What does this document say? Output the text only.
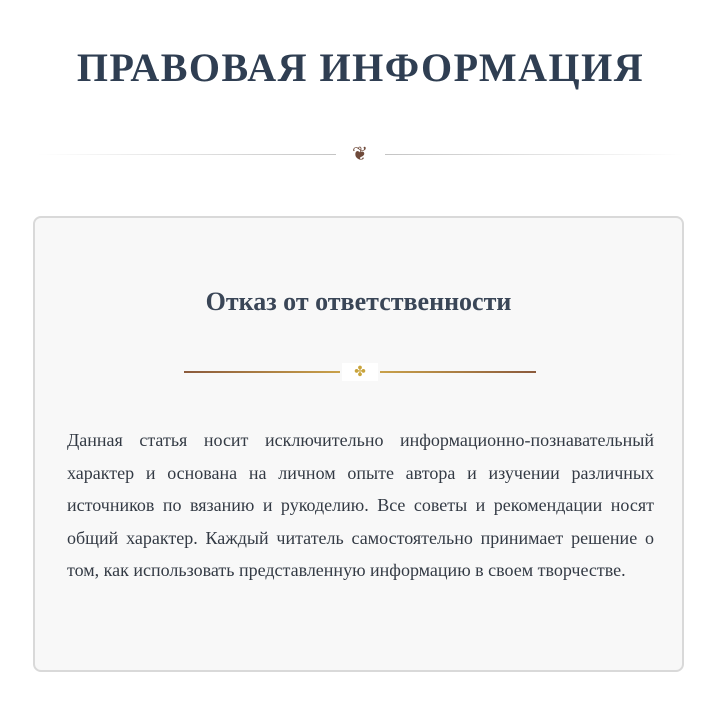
ПРАВОВАЯ ИНФОРМАЦИЯ
❦
Отказ от ответственности
✤

Данная статья носит исключительно информационно-познавательный характер и основана на личном опыте автора и изучении различных источников по вязанию и рукоделию. Все советы и рекомендации носят общий характер. Каждый читатель самостоятельно принимает решение о том, как использовать представленную информацию в своем творчестве.
